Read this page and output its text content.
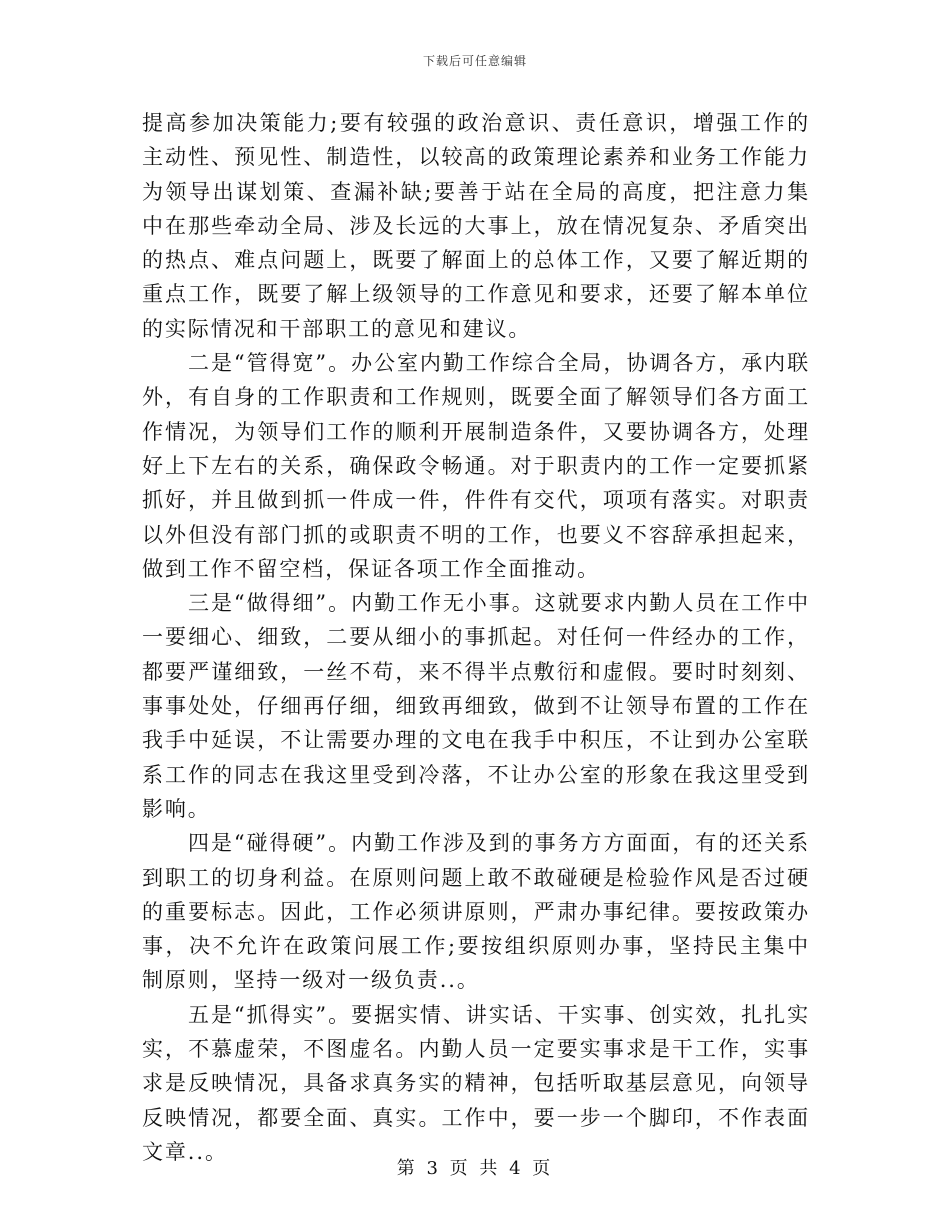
下载后可任意编辑

提高参加决策能力;要有较强的政治意识、责任意识，增强工作的主动性、预见性、制造性，以较高的政策理论素养和业务工作能力为领导出谋划策、查漏补缺;要善于站在全局的高度，把注意力集中在那些牵动全局、涉及长远的大事上，放在情况复杂、矛盾突出的热点、难点问题上，既要了解面上的总体工作，又要了解近期的重点工作，既要了解上级领导的工作意见和要求，还要了解本单位的实际情况和干部职工的意见和建议。

二是“管得宽”。办公室内勤工作综合全局，协调各方，承内联外，有自身的工作职责和工作规则，既要全面了解领导们各方面工作情况，为领导们工作的顺利开展制造条件，又要协调各方，处理好上下左右的关系，确保政令畅通。对于职责内的工作一定要抓紧抓好，并且做到抓一件成一件，件件有交代，项项有落实。对职责以外但没有部门抓的或职责不明的工作，也要义不容辞承担起来，做到工作不留空档，保证各项工作全面推动。

三是“做得细”。内勤工作无小事。这就要求内勤人员在工作中一要细心、细致，二要从细小的事抓起。对任何一件经办的工作，都要严谨细致，一丝不苟，来不得半点敷衍和虚假。要时时刻刻、事事处处，仔细再仔细，细致再细致，做到不让领导布置的工作在我手中延误，不让需要办理的文电在我手中积压，不让到办公室联系工作的同志在我这里受到冷落，不让办公室的形象在我这里受到影响。

四是“碰得硬”。内勤工作涉及到的事务方方面面，有的还关系到职工的切身利益。在原则问题上敢不敢碰硬是检验作风是否过硬的重要标志。因此，工作必须讲原则，严肃办事纪律。要按政策办事，决不允许在政策问展工作;要按组织原则办事，坚持民主集中制原则，坚持一级对一级负责..。

五是“抓得实”。要据实情、讲实话、干实事、创实效，扎扎实实，不慕虚荣，不图虚名。内勤人员一定要实事求是干工作，实事求是反映情况，具备求真务实的精神，包括听取基层意见，向领导反映情况，都要全面、真实。工作中，要一步一个脚印，不作表面文章..。

第 3 页 共 4 页
